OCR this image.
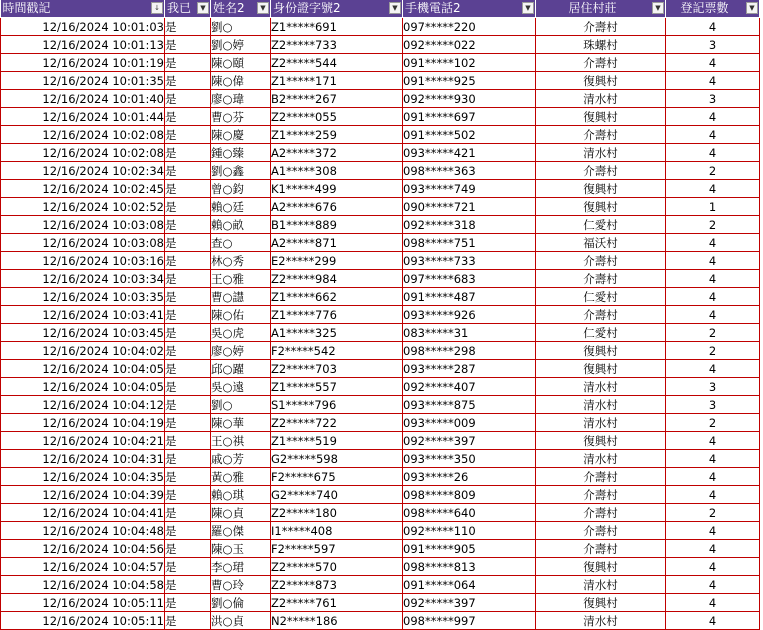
時間戳記 ↓	我已 ▼	姓名2 ▼	身份證字號2 ▼	手機電話2 ▼	居住村莊 ▼	登記票數 ▼

12/16/2024 10:01:03	是	劉○	Z1*****691	097*****220	介壽村	4
12/16/2024 10:01:13	是	劉○婷	Z2*****733	092*****022	珠螺村	3
12/16/2024 10:01:19	是	陳○頤	Z2*****544	091*****102	介壽村	4
12/16/2024 10:01:35	是	陳○偉	Z1*****171	091*****925	復興村	4
12/16/2024 10:01:40	是	廖○瑋	B2*****267	092*****930	清水村	3
12/16/2024 10:01:44	是	曹○芬	Z2*****055	091*****697	復興村	4
12/16/2024 10:02:08	是	陳○慶	Z1*****259	091*****502	介壽村	4
12/16/2024 10:02:08	是	鍾○臻	A2*****372	093*****421	清水村	4
12/16/2024 10:02:34	是	劉○鑫	A1*****308	098*****363	介壽村	2
12/16/2024 10:02:45	是	曾○鈞	K1*****499	093*****749	復興村	4
12/16/2024 10:02:52	是	賴○廷	A2*****676	090*****721	復興村	1
12/16/2024 10:03:08	是	賴○畝	B1*****889	092*****318	仁愛村	2
12/16/2024 10:03:08	是	查○	A2*****871	098*****751	福沃村	4
12/16/2024 10:03:16	是	林○秀	E2*****299	093*****733	介壽村	4
12/16/2024 10:03:34	是	王○雅	Z2*****984	097*****683	介壽村	4
12/16/2024 10:03:35	是	曹○譿	Z1*****662	091*****487	仁愛村	4
12/16/2024 10:03:41	是	陳○佑	Z1*****776	093*****926	介壽村	4
12/16/2024 10:03:45	是	吳○虎	A1*****325	083*****31	仁愛村	2
12/16/2024 10:04:02	是	廖○婷	F2*****542	098*****298	復興村	2
12/16/2024 10:04:05	是	邱○躍	Z2*****703	093*****287	復興村	4
12/16/2024 10:04:05	是	吳○遠	Z1*****557	092*****407	清水村	3
12/16/2024 10:04:12	是	劉○	S1*****796	093*****875	清水村	3
12/16/2024 10:04:19	是	陳○華	Z2*****722	093*****009	清水村	2
12/16/2024 10:04:21	是	王○祺	Z1*****519	092*****397	復興村	4
12/16/2024 10:04:31	是	戚○芳	G2*****598	093*****350	清水村	4
12/16/2024 10:04:35	是	黃○雅	F2*****675	093*****26	介壽村	4
12/16/2024 10:04:39	是	賴○琪	G2*****740	098*****809	介壽村	4
12/16/2024 10:04:41	是	陳○貞	Z2*****180	098*****640	介壽村	2
12/16/2024 10:04:48	是	羅○傑	I1*****408	092*****110	介壽村	4
12/16/2024 10:04:56	是	陳○玉	F2*****597	091*****905	介壽村	4
12/16/2024 10:04:57	是	李○珺	Z2*****570	098*****813	復興村	4
12/16/2024 10:04:58	是	曹○玲	Z2*****873	091*****064	清水村	4
12/16/2024 10:05:11	是	劉○倫	Z2*****761	092*****397	復興村	4
12/16/2024 10:05:11	是	洪○貞	N2*****186	098*****997	清水村	4
